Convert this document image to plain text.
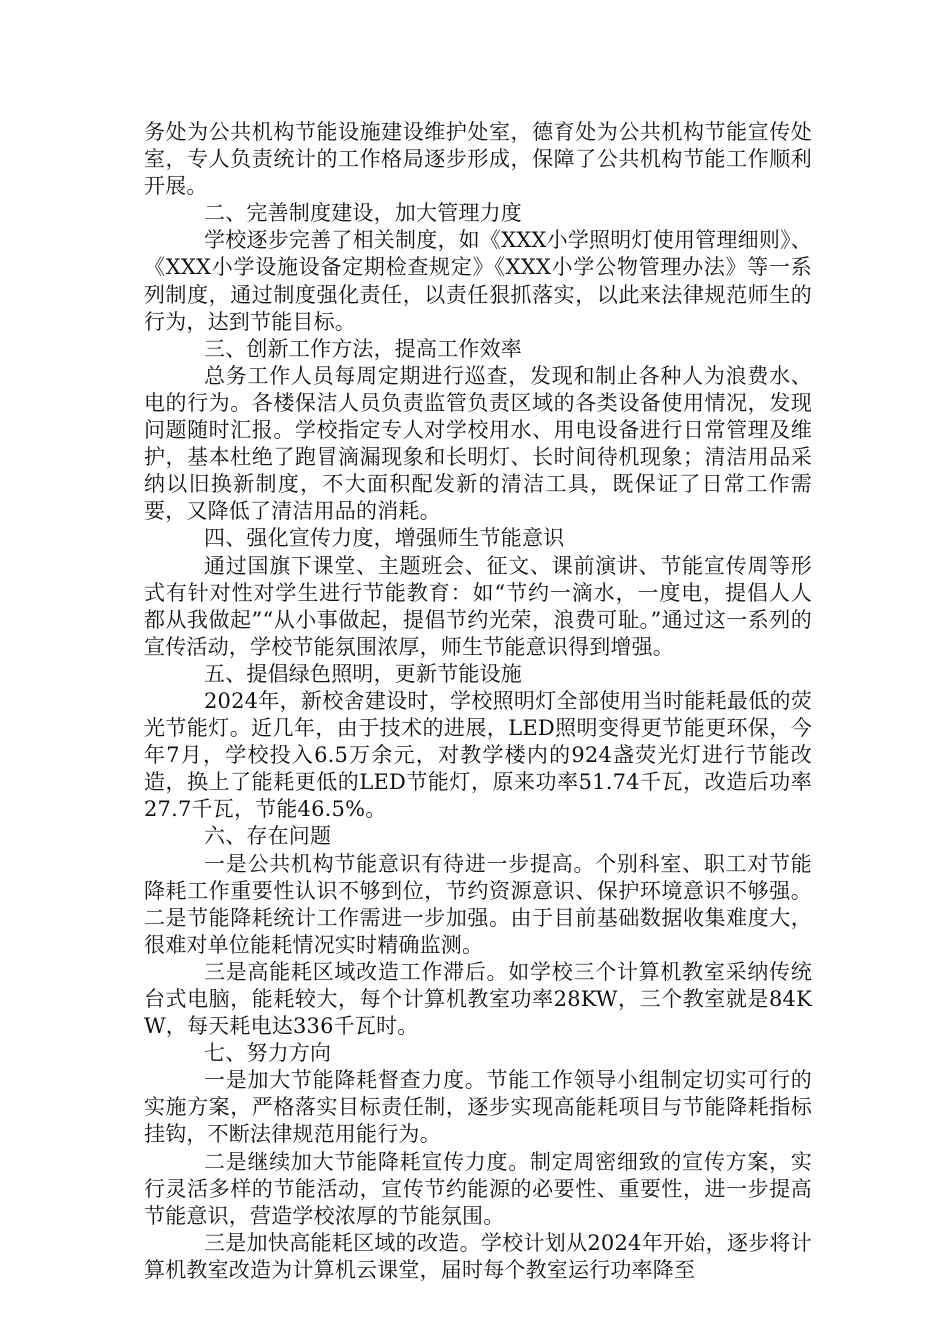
务处为公共机构节能设施建设维护处室，德育处为公共机构节能宣传处室，专人负责统计的工作格局逐步形成，保障了公共机构节能工作顺利开展。

二、完善制度建设，加大管理力度

学校逐步完善了相关制度，如《XXX小学照明灯使用管理细则》、《XXX小学设施设备定期检查规定》《XXX小学公物管理办法》等一系列制度，通过制度强化责任，以责任狠抓落实，以此来法律规范师生的行为，达到节能目标。

三、创新工作方法，提高工作效率

总务工作人员每周定期进行巡查，发现和制止各种人为浪费水、电的行为。各楼保洁人员负责监管负责区域的各类设备使用情况，发现问题随时汇报。学校指定专人对学校用水、用电设备进行日常管理及维护，基本杜绝了跑冒滴漏现象和长明灯、长时间待机现象；清洁用品采纳以旧换新制度，不大面积配发新的清洁工具，既保证了日常工作需要，又降低了清洁用品的消耗。

四、强化宣传力度，增强师生节能意识

通过国旗下课堂、主题班会、征文、课前演讲、节能宣传周等形式有针对性对学生进行节能教育：如“节约一滴水，一度电，提倡人人都从我做起”“从小事做起，提倡节约光荣，浪费可耻。”通过这一系列的宣传活动，学校节能氛围浓厚，师生节能意识得到增强。

五、提倡绿色照明，更新节能设施

2024年，新校舍建设时，学校照明灯全部使用当时能耗最低的荧光节能灯。近几年，由于技术的进展，LED照明变得更节能更环保，今年7月，学校投入6.5万余元，对教学楼内的924盏荧光灯进行节能改造，换上了能耗更低的LED节能灯，原来功率51.74千瓦，改造后功率27.7千瓦，节能46.5%。

六、存在问题

一是公共机构节能意识有待进一步提高。个别科室、职工对节能降耗工作重要性认识不够到位，节约资源意识、保护环境意识不够强。 二是节能降耗统计工作需进一步加强。由于目前基础数据收集难度大，很难对单位能耗情况实时精确监测。

三是高能耗区域改造工作滞后。如学校三个计算机教室采纳传统台式电脑，能耗较大，每个计算机教室功率28KW，三个教室就是84KW，每天耗电达336千瓦时。

七、努力方向

一是加大节能降耗督查力度。节能工作领导小组制定切实可行的实施方案，严格落实目标责任制，逐步实现高能耗项目与节能降耗指标挂钩，不断法律规范用能行为。

二是继续加大节能降耗宣传力度。制定周密细致的宣传方案，实行灵活多样的节能活动，宣传节约能源的必要性、重要性，进一步提高节能意识，营造学校浓厚的节能氛围。

三是加快高能耗区域的改造。学校计划从2024年开始，逐步将计算机教室改造为计算机云课堂，届时每个教室运行功率降至
